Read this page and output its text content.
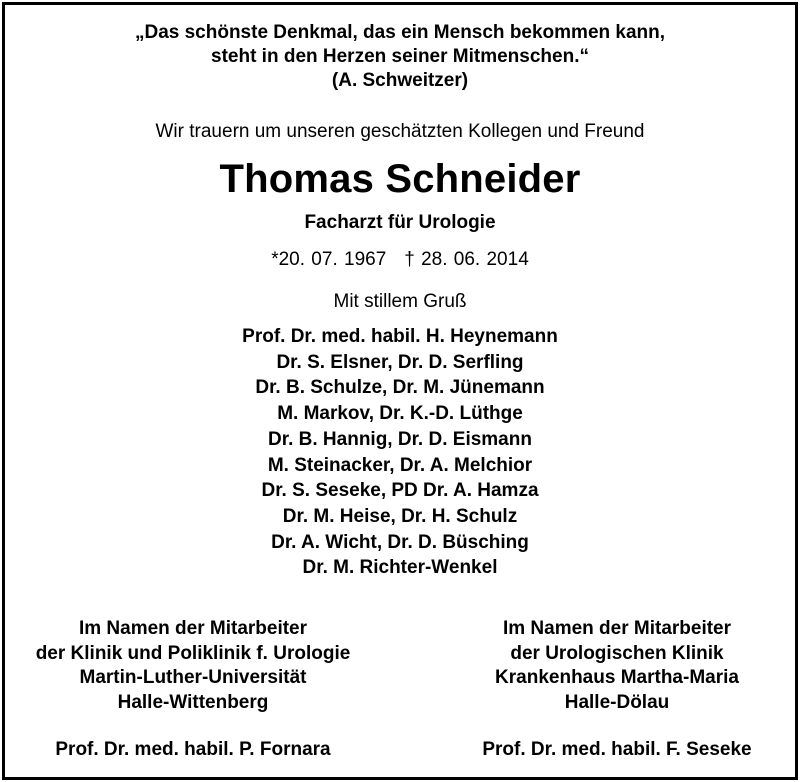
„Das schönste Denkmal, das ein Mensch bekommen kann,
steht in den Herzen seiner Mitmenschen.“
(A. Schweitzer)
Wir trauern um unseren geschätzten Kollegen und Freund
Thomas Schneider
Facharzt für Urologie
*20. 07. 1967 † 28. 06. 2014
Mit stillem Gruß
Prof. Dr. med. habil. H. Heynemann
Dr. S. Elsner, Dr. D. Serfling
Dr. B. Schulze, Dr. M. Jünemann
M. Markov, Dr. K.-D. Lüthge
Dr. B. Hannig, Dr. D. Eismann
M. Steinacker, Dr. A. Melchior
Dr. S. Seseke, PD Dr. A. Hamza
Dr. M. Heise, Dr. H. Schulz
Dr. A. Wicht, Dr. D. Büsching
Dr. M. Richter-Wenkel
Im Namen der Mitarbeiter
der Klinik und Poliklinik f. Urologie
Martin-Luther-Universität
Halle-Wittenberg
Im Namen der Mitarbeiter
der Urologischen Klinik
Krankenhaus Martha-Maria
Halle-Dölau
Prof. Dr. med. habil. P. Fornara	Prof. Dr. med. habil. F. Seseke
